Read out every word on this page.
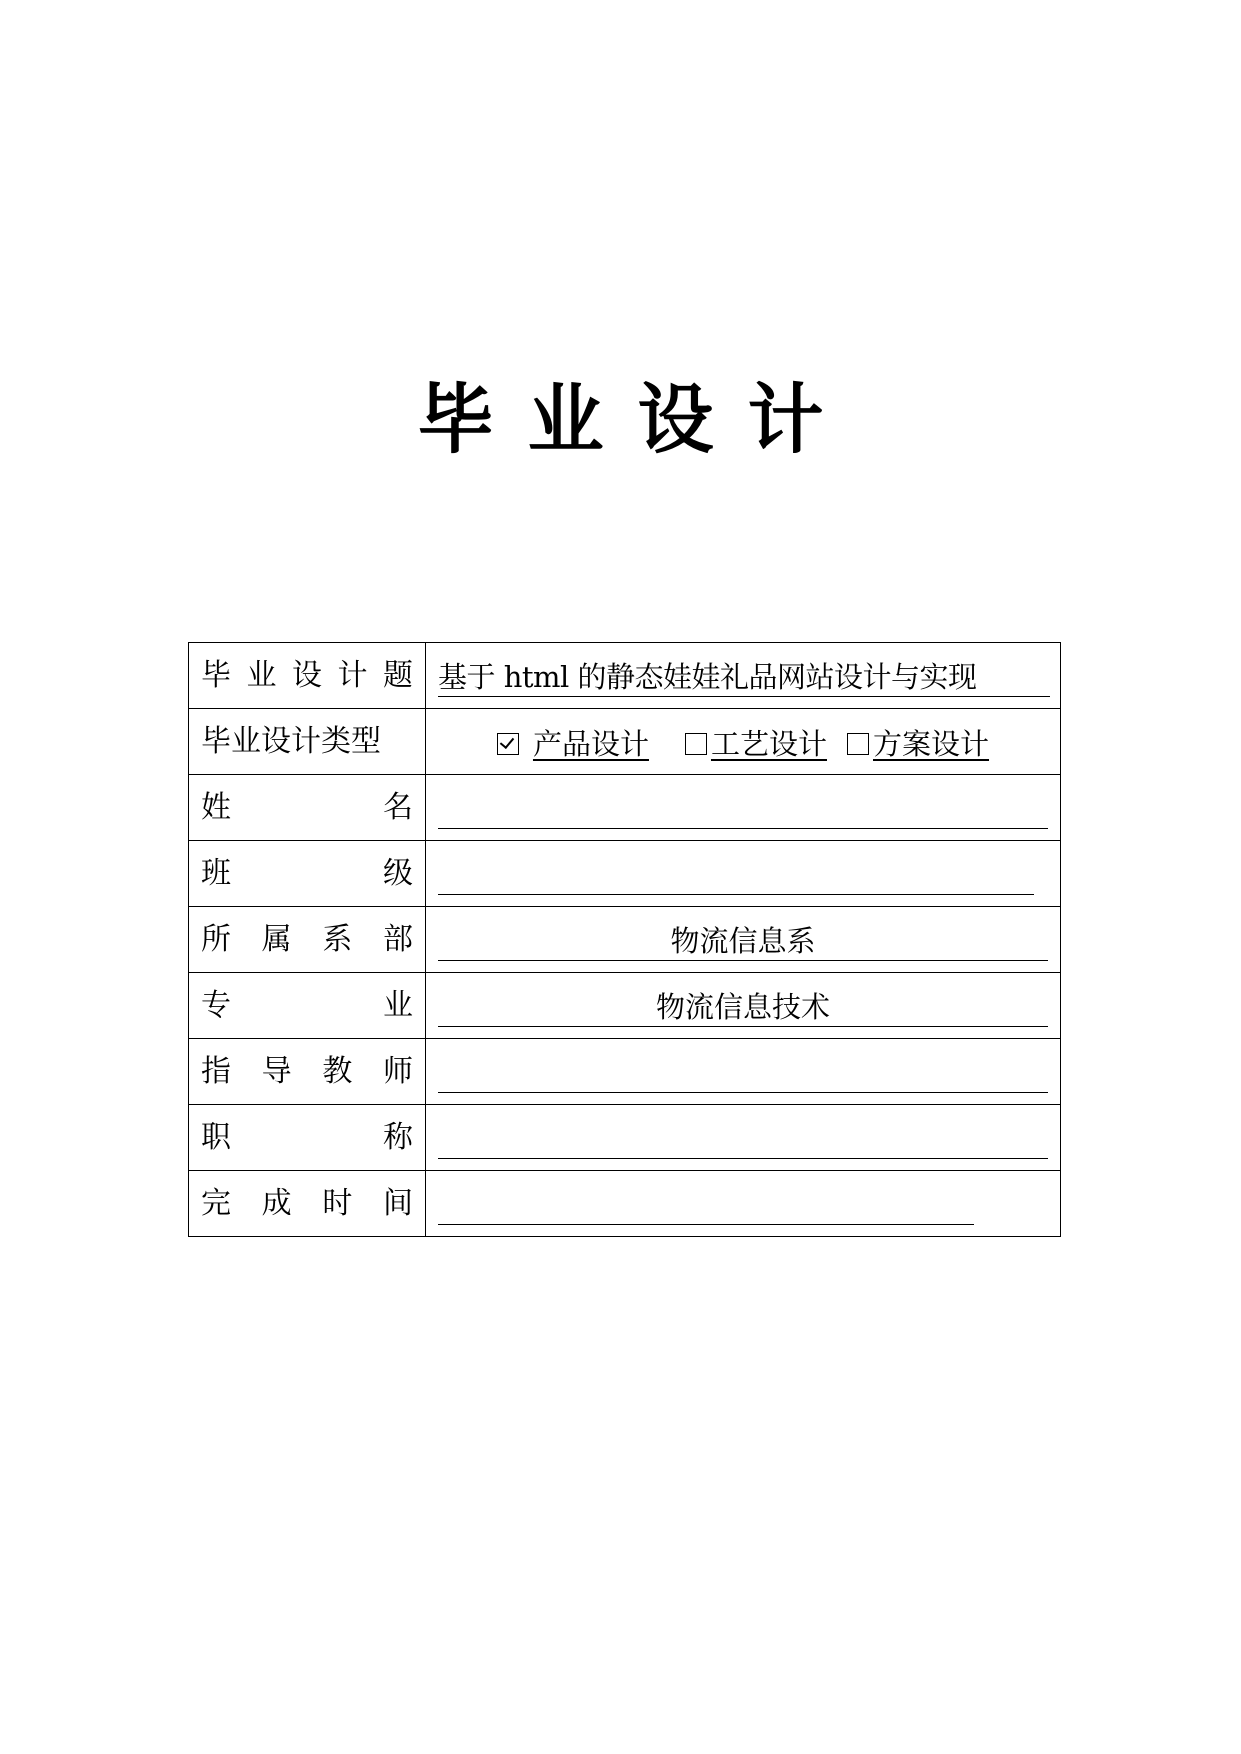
毕业设计
毕 业 设 计 题	基于 html 的静态娃娃礼品网站设计与实现

毕业设计类型	产品设计 工艺设计 方案设计

姓 名	

班 级	

所 属 系 部	物流信息系

专 业	物流信息技术

指 导 教 师	

职 称	

完 成 时 间	
